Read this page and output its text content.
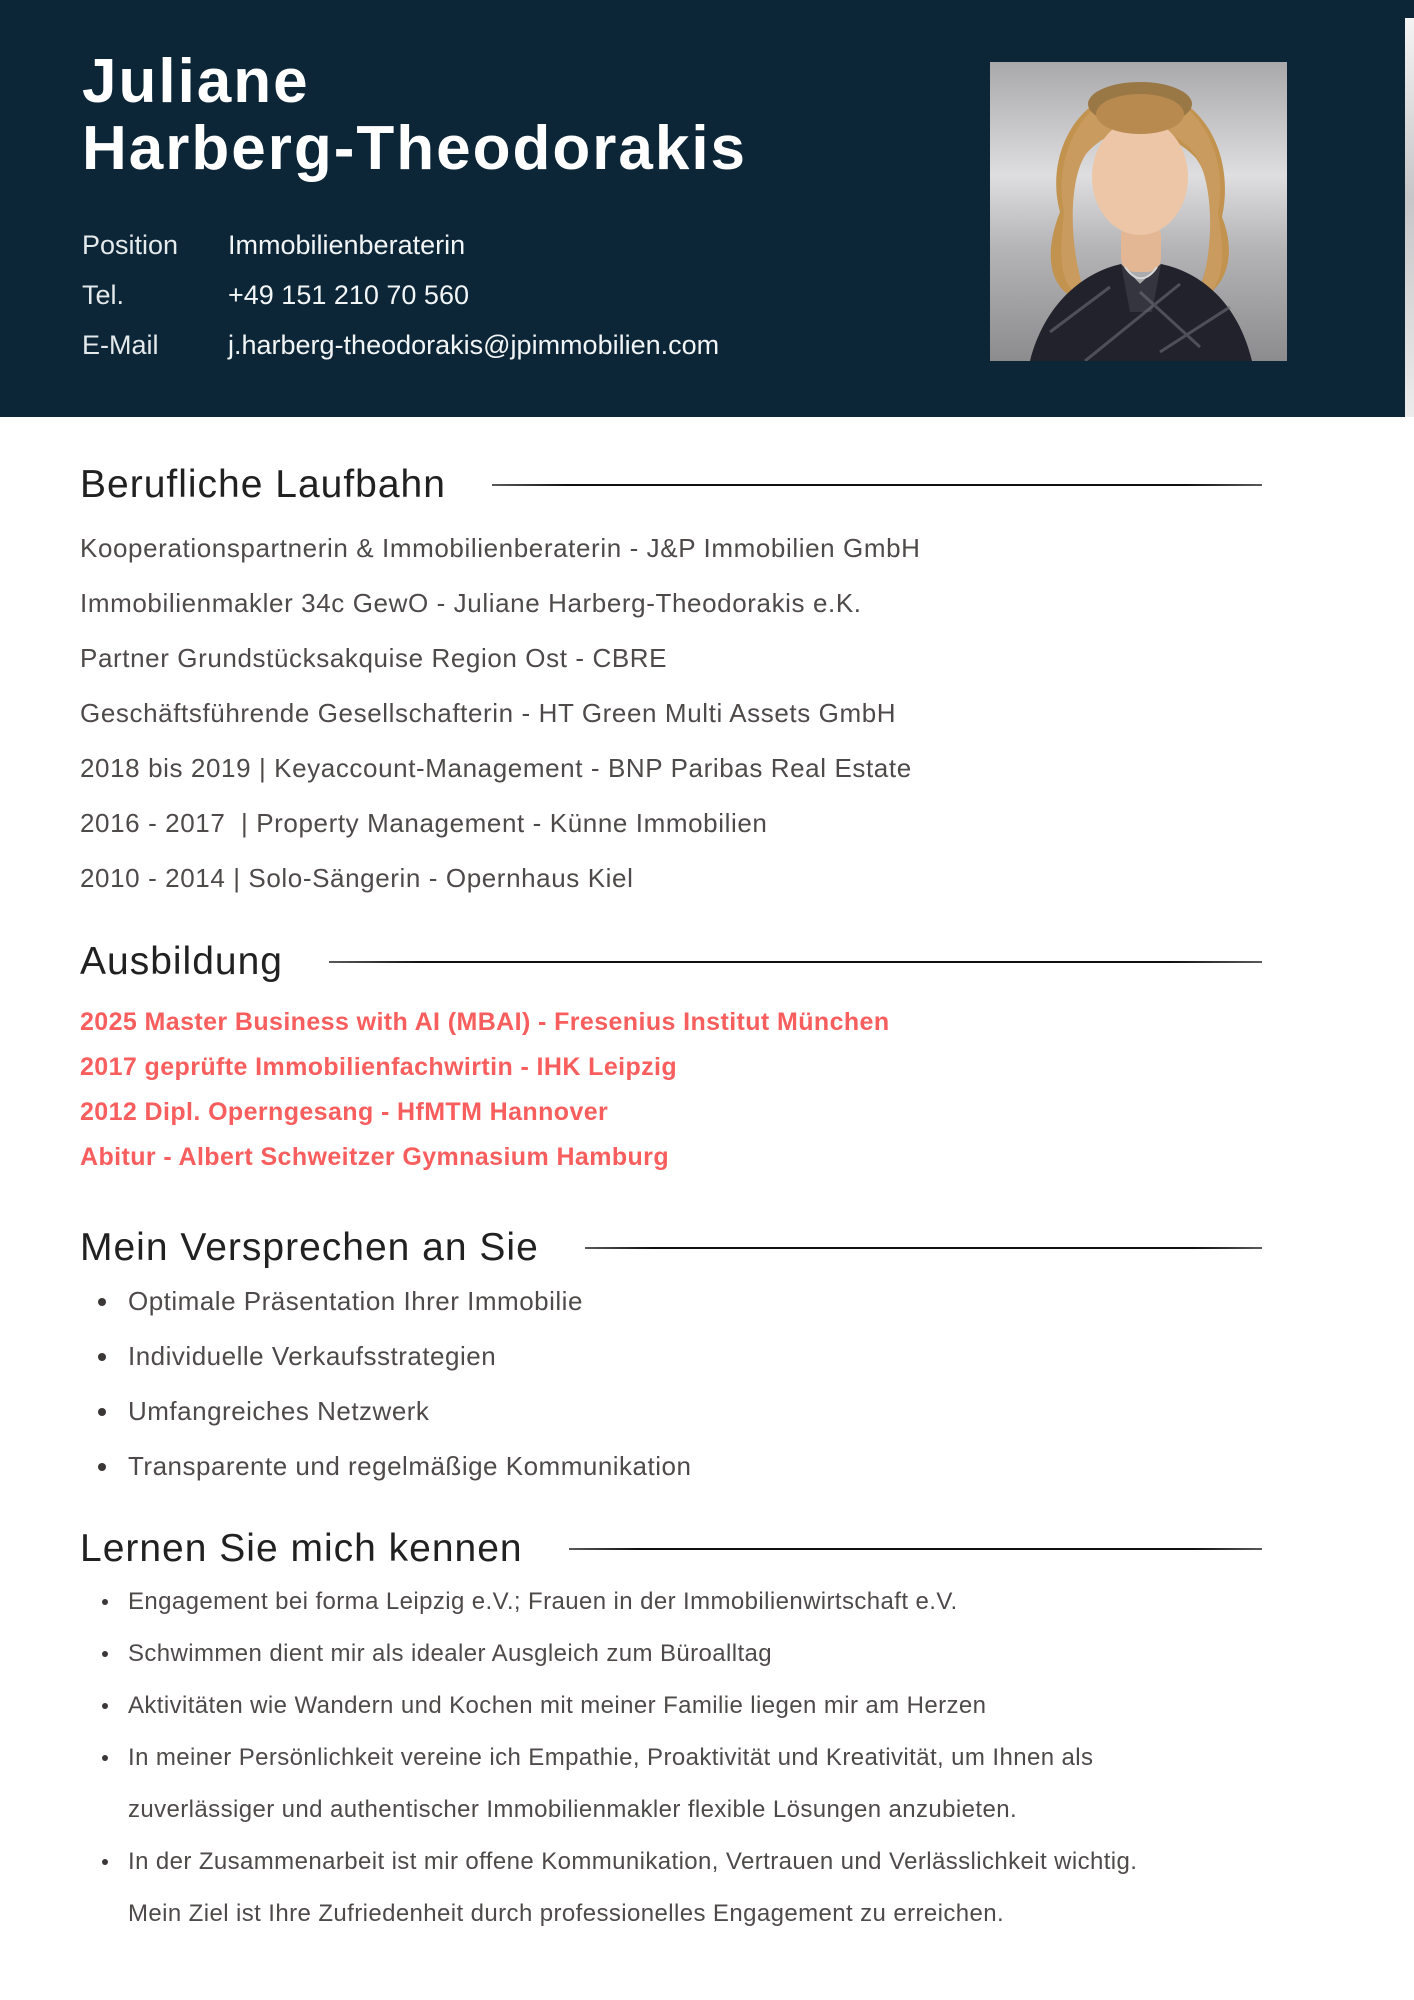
Juliane
Harberg-Theodorakis
Position	Immobilienberaterin
Tel.	+49 151 210 70 560
E-Mail	j.harberg-theodorakis@jpimmobilien.com
Berufliche Laufbahn
Kooperationspartnerin & Immobilienberaterin - J&P Immobilien GmbH
Immobilienmakler 34c GewO - Juliane Harberg-Theodorakis e.K.
Partner Grundstücksakquise Region Ost - CBRE
Geschäftsführende Gesellschafterin - HT Green Multi Assets GmbH
2018 bis 2019 | Keyaccount-Management - BNP Paribas Real Estate
2016 - 2017  | Property Management - Künne Immobilien
2010 - 2014 | Solo-Sängerin - Opernhaus Kiel
Ausbildung
2025 Master Business with AI (MBAI) - Fresenius Institut München
2017 geprüfte Immobilienfachwirtin - IHK Leipzig
2012 Dipl. Operngesang - HfMTM Hannover
Abitur - Albert Schweitzer Gymnasium Hamburg
Mein Versprechen an Sie
Optimale Präsentation Ihrer Immobilie
Individuelle Verkaufsstrategien
Umfangreiches Netzwerk
Transparente und regelmäßige Kommunikation
Lernen Sie mich kennen
Engagement bei forma Leipzig e.V.; Frauen in der Immobilienwirtschaft e.V.
Schwimmen dient mir als idealer Ausgleich zum Büroalltag
Aktivitäten wie Wandern und Kochen mit meiner Familie liegen mir am Herzen
In meiner Persönlichkeit vereine ich Empathie, Proaktivität und Kreativität, um Ihnen als
zuverlässiger und authentischer Immobilienmakler flexible Lösungen anzubieten.
In der Zusammenarbeit ist mir offene Kommunikation, Vertrauen und Verlässlichkeit wichtig.
Mein Ziel ist Ihre Zufriedenheit durch professionelles Engagement zu erreichen.
